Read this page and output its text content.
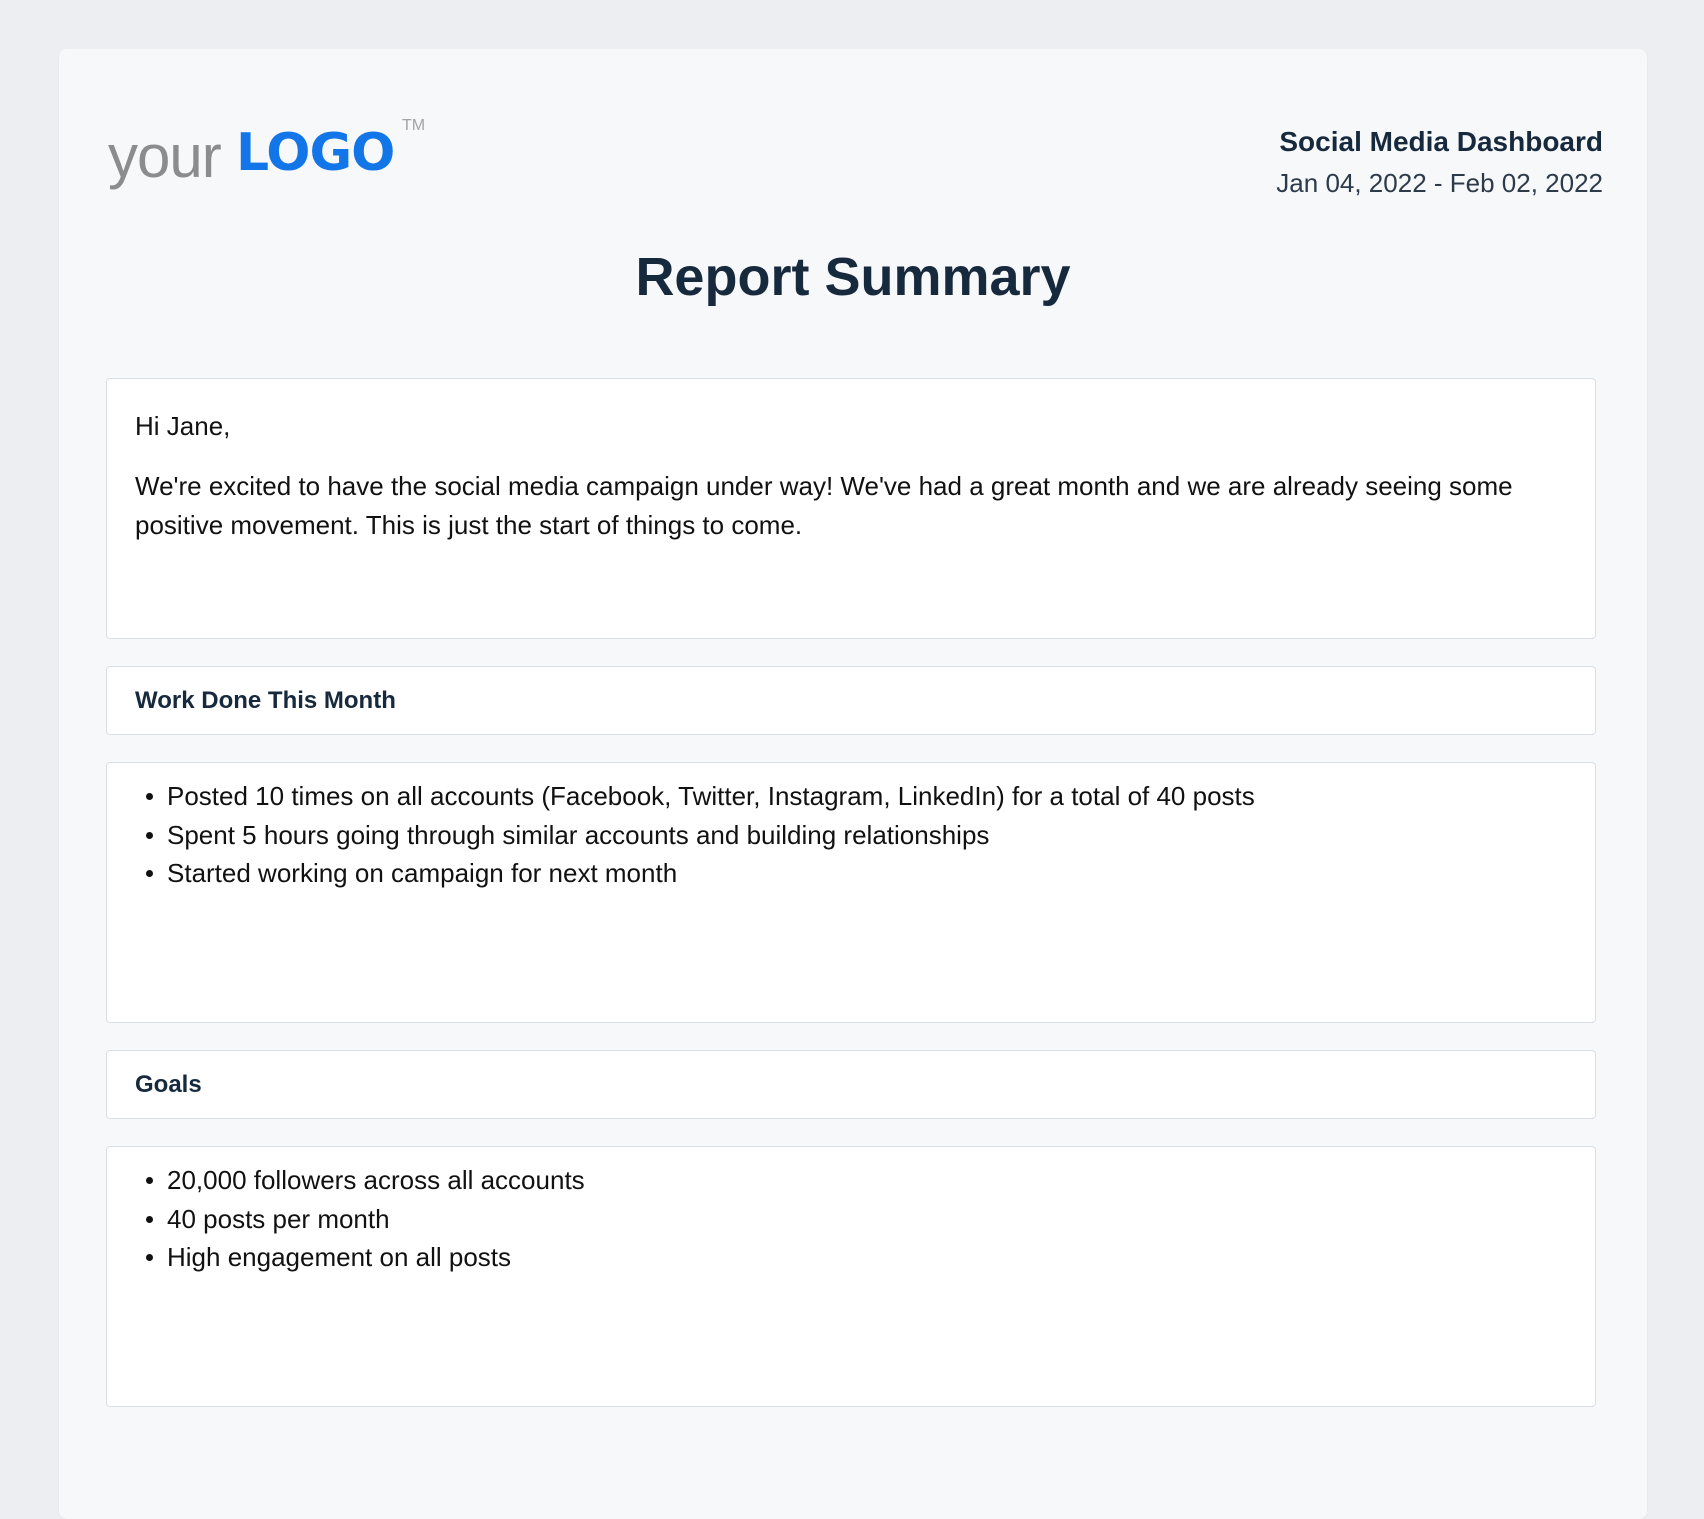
your LOGO TM
Social Media Dashboard
Jan 04, 2022 - Feb 02, 2022
Report Summary

Hi Jane,

We're excited to have the social media campaign under way! We've had a great month and we are already seeing some positive movement. This is just the start of things to come.

Work Done This Month
Posted 10 times on all accounts (Facebook, Twitter, Instagram, LinkedIn) for a total of 40 posts
Spent 5 hours going through similar accounts and building relationships
Started working on campaign for next month
Goals
20,000 followers across all accounts
40 posts per month
High engagement on all posts
